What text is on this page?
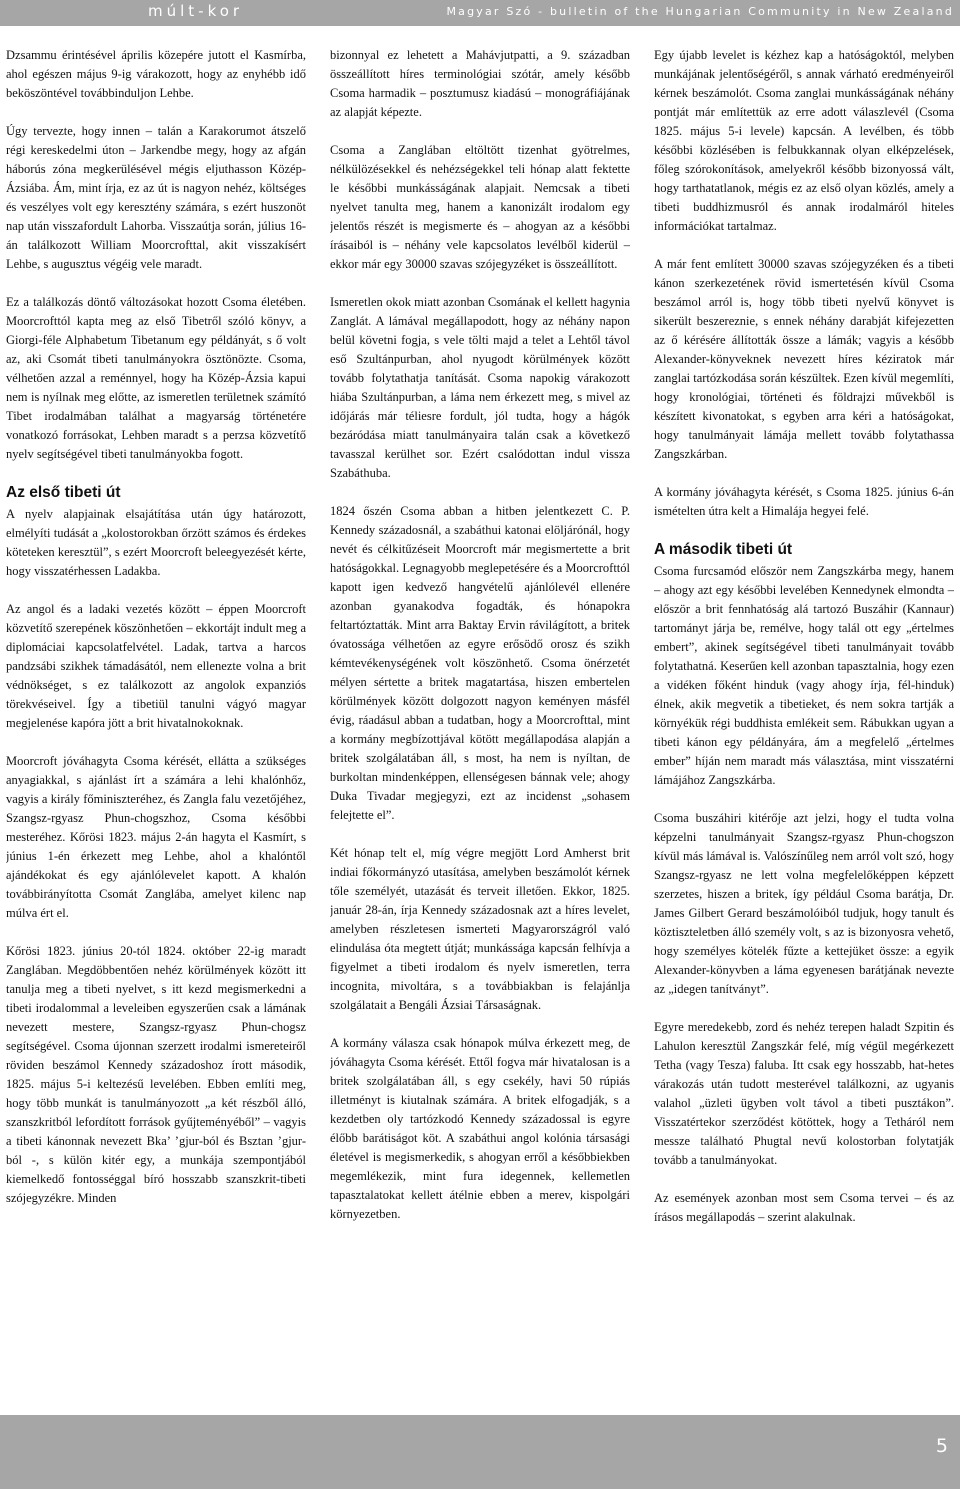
múlt-kor	Magyar Szó - bulletin of the Hungarian Community in New Zealand

Dzsammu érintésével április közepére jutott el Kasmírba, ahol egészen május 9-ig várakozott, hogy az enyhébb idő beköszöntével továbbinduljon Lehbe.

Úgy tervezte, hogy innen – talán a Karakorumot átszelő régi kereskedelmi úton – Jarkendbe megy, hogy az afgán háborús zóna megkerülésével mégis eljuthasson Közép-Ázsiába. Ám, mint írja, ez az út is nagyon nehéz, költséges és veszélyes volt egy keresztény számára, s ezért huszonöt nap után visszafordult Lahorba. Visszaútja során, július 16-án találkozott William Moorcrofttal, akit visszakísért Lehbe, s augusztus végéig vele maradt.

Ez a találkozás döntő változásokat hozott Csoma életében. Moorcrofttól kapta meg az első Tibetről szóló könyv, a Giorgi-féle Alphabetum Tibetanum egy példányát, s ő volt az, aki Csomát tibeti tanulmányokra ösztönözte. Csoma, vélhetően azzal a reménnyel, hogy ha Közép-Ázsia kapui nem is nyílnak meg előtte, az ismeretlen területnek számító Tibet irodalmában találhat a magyarság történetére vonatkozó forrásokat, Lehben maradt s a perzsa közvetítő nyelv segítségével tibeti tanulmányokba fogott.

Az első tibeti út

A nyelv alapjainak elsajátítása után úgy határozott, elmélyíti tudását a „kolostorokban őrzött számos és érdekes köteteken keresztül”, s ezért Moorcroft beleegyezését kérte, hogy visszatérhessen Ladakba.

Az angol és a ladaki vezetés között – éppen Moorcroft közvetítő szerepének köszönhetően – ekkortájt indult meg a diplomáciai kapcsolatfelvétel. Ladak, tartva a harcos pandzsábi szikhek támadásától, nem ellenezte volna a brit védnökséget, s ez találkozott az angolok expanziós törekvéseivel. Így a tibetiül tanulni vágyó magyar megjelenése kapóra jött a brit hivatalnokoknak.

Moorcroft jóváhagyta Csoma kérését, ellátta a szükséges anyagiakkal, s ajánlást írt a számára a lehi khalónhőz, vagyis a király főminiszteréhez, és Zangla falu vezetőjéhez, Szangsz-rgyasz Phun-chogszhoz, Csoma későbbi mesteréhez. Kőrösi 1823. május 2-án hagyta el Kasmírt, s június 1-én érkezett meg Lehbe, ahol a khalóntől ajándékokat és egy ajánlólevelet kapott. A khalón továbbirányította Csomát Zanglába, amelyet kilenc nap múlva ért el.

Kőrösi 1823. június 20-tól 1824. október 22-ig maradt Zanglában. Megdöbbentően nehéz körülmények között itt tanulja meg a tibeti nyelvet, s itt kezd megismerkedni a tibeti irodalommal a leveleiben egyszerűen csak a lámának nevezett mestere, Szangsz-rgyasz Phun-chogsz segítségével. Csoma újonnan szerzett irodalmi ismereteiről röviden beszámol Kennedy századoshoz írott második, 1825. május 5-i keltezésű levelében. Ebben említi meg, hogy több munkát is tanulmányozott „a két részből álló, szanszkritból lefordított források gyűjteményéből” – vagyis a tibeti kánonnak nevezett Bka’ ’gjur-ból és Bsztan ’gjur-ból -, s külön kitér egy, a munkája szempontjából kiemelkedő fontosséggal bíró hosszabb szanszkrit-tibeti szójegyzékre. Minden

bizonnyal ez lehetett a Mahávjutpatti, a 9. században összeállított híres terminológiai szótár, amely később Csoma harmadik – posztumusz kiadású – monográfiájának az alapját képezte.

Csoma a Zanglában eltöltött tizenhat gyötrelmes, nélkülözésekkel és nehézségekkel teli hónap alatt fektette le későbbi munkásságának alapjait. Nemcsak a tibeti nyelvet tanulta meg, hanem a kanonizált irodalom egy jelentős részét is megismerte és – ahogyan az a későbbi írásaiból is – néhány vele kapcsolatos levélből kiderül – ekkor már egy 30000 szavas szójegyzéket is összeállított.

Ismeretlen okok miatt azonban Csomának el kellett hagynia Zanglát. A lámával megállapodott, hogy az néhány napon belül követni fogja, s vele tölti majd a telet a Lehtől távol eső Szultánpurban, ahol nyugodt körülmények között tovább folytathatja tanítását. Csoma napokig várakozott hiába Szultánpurban, a láma nem érkezett meg, s mivel az időjárás már téliesre fordult, jól tudta, hogy a hágók bezáródása miatt tanulmányaira talán csak a következő tavasszal kerülhet sor. Ezért csalódottan indul vissza Szabáthuba.

1824 őszén Csoma abban a hitben jelentkezett C. P. Kennedy századosnál, a szabáthui katonai elöljárónál, hogy nevét és célkitűzéseit Moorcroft már megismertette a brit hatóságokkal. Legnagyobb meglepetésére és a Moorcrofttól kapott igen kedvező hangvételű ajánlólevél ellenére azonban gyanakodva fogadták, és hónapokra feltartóztatták. Mint arra Baktay Ervin rávilágított, a britek óvatossága vélhetően az egyre erősödő orosz és szikh kémtevékenységének volt köszönhető. Csoma önérzetét mélyen sértette a britek magatartása, hiszen embertelen körülmények között dolgozott nagyon keményen másfél évig, ráadásul abban a tudatban, hogy a Moorcrofttal, mint a kormány megbízottjával kötött megállapodása alapján a britek szolgálatában áll, s most, ha nem is nyíltan, de burkoltan mindenképpen, ellenségesen bánnak vele; ahogy Duka Tivadar megjegyzi, ezt az incidenst „sohasem felejtette el”.

Két hónap telt el, míg végre megjött Lord Amherst brit indiai főkormányzó utasítása, amelyben beszámolót kérnek tőle személyét, utazását és terveit illetően. Ekkor, 1825. január 28-án, írja Kennedy századosnak azt a híres levelet, amelyben részletesen ismerteti Magyarországról való elindulása óta megtett útját; munkássága kapcsán felhívja a figyelmet a tibeti irodalom és nyelv ismeretlen, terra incognita, mivoltára, s a továbbiakban is felajánlja szolgálatait a Bengáli Ázsiai Társaságnak.

A kormány válasza csak hónapok múlva érkezett meg, de jóváhagyta Csoma kérését. Ettől fogva már hivatalosan is a britek szolgálatában áll, s egy csekély, havi 50 rúpiás illetményt is kiutalnak számára. A britek elfogadják, s a kezdetben oly tartózkodó Kennedy századossal is egyre élőbb barátiságot köt. A szabáthui angol kolónia társasági életével is megismerkedik, s ahogyan erről a későbbiekben megemlékezik, mint fura idegennek, kellemetlen tapasztalatokat kellett átélnie ebben a merev, kispolgári környezetben.

Egy újabb levelet is kézhez kap a hatóságoktól, melyben munkájának jelentőségéről, s annak várható eredményeiről kérnek beszámolót. Csoma zanglai munkásságának néhány pontját már említettük az erre adott válaszlevél (Csoma 1825. május 5-i levele) kapcsán. A levélben, és több későbbi közlésében is felbukkannak olyan elképzelések, főleg szórokonítások, amelyekről később bizonyossá vált, hogy tarthatatlanok, mégis ez az első olyan közlés, amely a tibeti buddhizmusról és annak irodalmáról hiteles információkat tartalmaz.

A már fent említett 30000 szavas szójegyzéken és a tibeti kánon szerkezetének rövid ismertetésén kívül Csoma beszámol arról is, hogy több tibeti nyelvű könyvet is sikerült beszereznie, s ennek néhány darabját kifejezetten az ő kérésére állították össze a lámák; vagyis a később Alexander-könyveknek nevezett híres kéziratok már zanglai tartózkodása során készültek. Ezen kívül megemlíti, hogy kronológiai, történeti és földrajzi művekből is készített kivonatokat, s egyben arra kéri a hatóságokat, hogy tanulmányait lámája mellett tovább folytathassa Zangszkárban.

A kormány jóváhagyta kérését, s Csoma 1825. június 6-án ismételten útra kelt a Himalája hegyei felé.

A második tibeti út

Csoma furcsamód először nem Zangszkárba megy, hanem – ahogy azt egy későbbi levelében Kennedynek elmondta – először a brit fennhatóság alá tartozó Buszáhir (Kannaur) tartományt járja be, remélve, hogy talál ott egy „értelmes embert”, akinek segítségével tibeti tanulmányait tovább folytathatná. Keserűen kell azonban tapasztalnia, hogy ezen a vidéken főként hinduk (vagy ahogy írja, fél-hinduk) élnek, akik megvetik a tibetieket, és nem sokra tartják a környékük régi buddhista emlékeit sem. Rábukkan ugyan a tibeti kánon egy példányára, ám a megfelelő „értelmes ember” híján nem maradt más választása, mint visszatérni lámájához Zangszkárba.

Csoma buszáhiri kitérője azt jelzi, hogy el tudta volna képzelni tanulmányait Szangsz-rgyasz Phun-chogszon kívül más lámával is. Valószínűleg nem arról volt szó, hogy Szangsz-rgyasz ne lett volna megfelelőképpen képzett szerzetes, hiszen a britek, így például Csoma barátja, Dr. James Gilbert Gerard beszámolóiból tudjuk, hogy tanult és köztiszteletben álló személy volt, s az is bizonyosra vehető, hogy személyes kötelék fűzte a kettejüket össze: a egyik Alexander-könyvben a láma egyenesen barátjának nevezte az „idegen tanítványt”.

Egyre meredekebb, zord és nehéz terepen haladt Szpitin és Lahulon keresztül Zangszkár felé, míg végül megérkezett Tetha (vagy Tesza) faluba. Itt csak egy hosszabb, hat-hetes várakozás után tudott mesterével találkozni, az ugyanis valahol „üzleti ügyben volt távol a tibeti pusztákon”. Visszatértekor szerződést kötöttek, hogy a Tetháról nem messze található Phugtal nevű kolostorban folytatják tovább a tanulmányokat.

Az események azonban most sem Csoma tervei – és az írásos megállapodás – szerint alakulnak.

5
